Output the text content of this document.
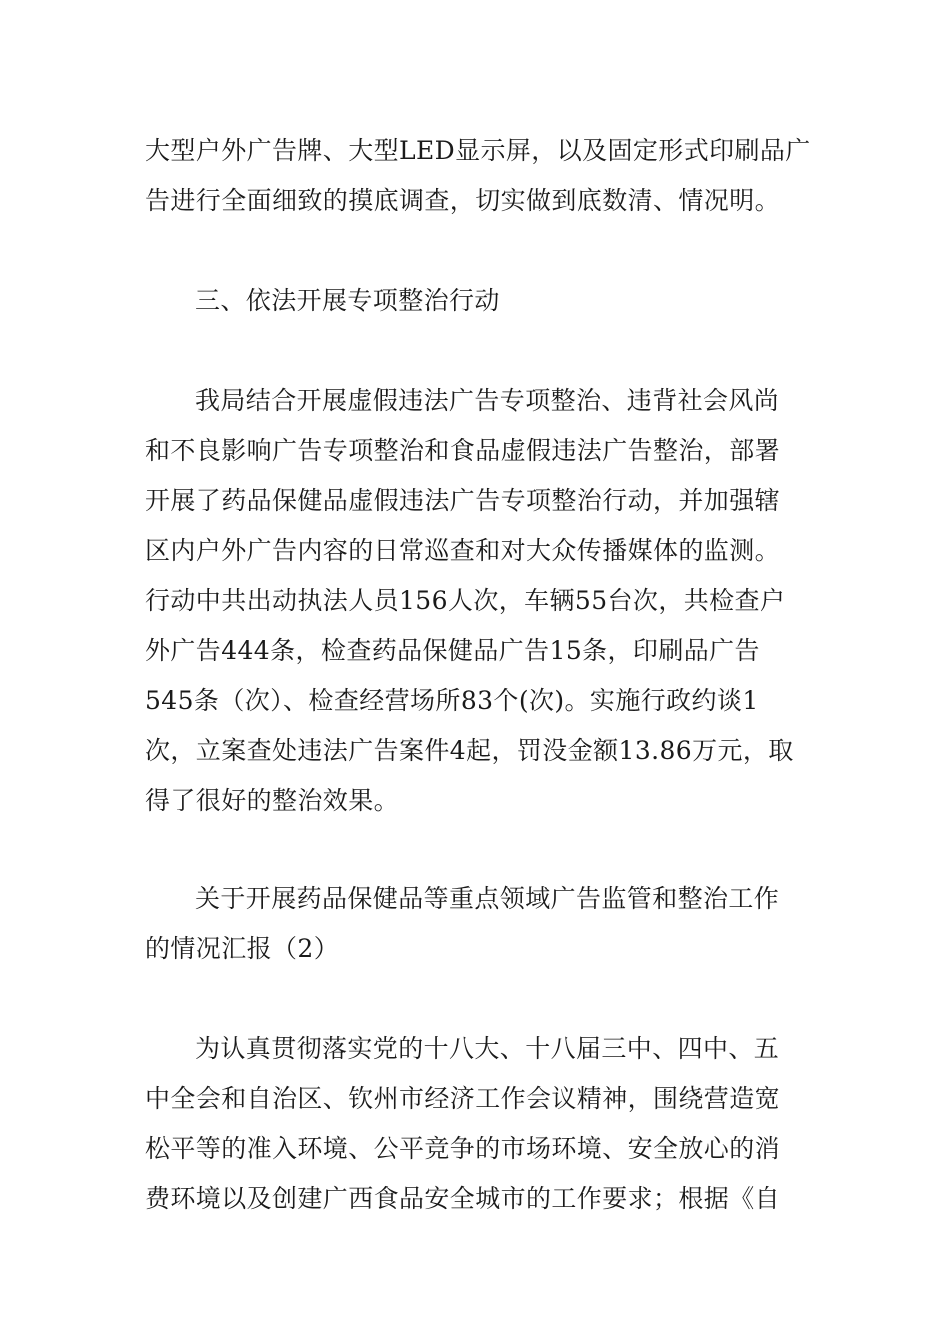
大型户外广告牌、大型LED显示屏，以及固定形式印刷品广
告进行全面细致的摸底调查，切实做到底数清、情况明。
三、依法开展专项整治行动
我局结合开展虚假违法广告专项整治、违背社会风尚
和不良影响广告专项整治和食品虚假违法广告整治，部署
开展了药品保健品虚假违法广告专项整治行动，并加强辖
区内户外广告内容的日常巡查和对大众传播媒体的监测。
行动中共出动执法人员156人次，车辆55台次，共检查户
外广告444条，检查药品保健品广告15条，印刷品广告
545条（次）、检查经营场所83个(次)。实施行政约谈1
次，立案查处违法广告案件4起，罚没金额13.86万元，取
得了很好的整治效果。
关于开展药品保健品等重点领域广告监管和整治工作
的情况汇报（2）
为认真贯彻落实党的十八大、十八届三中、四中、五
中全会和自治区、钦州市经济工作会议精神，围绕营造宽
松平等的准入环境、公平竞争的市场环境、安全放心的消
费环境以及创建广西食品安全城市的工作要求；根据《自
